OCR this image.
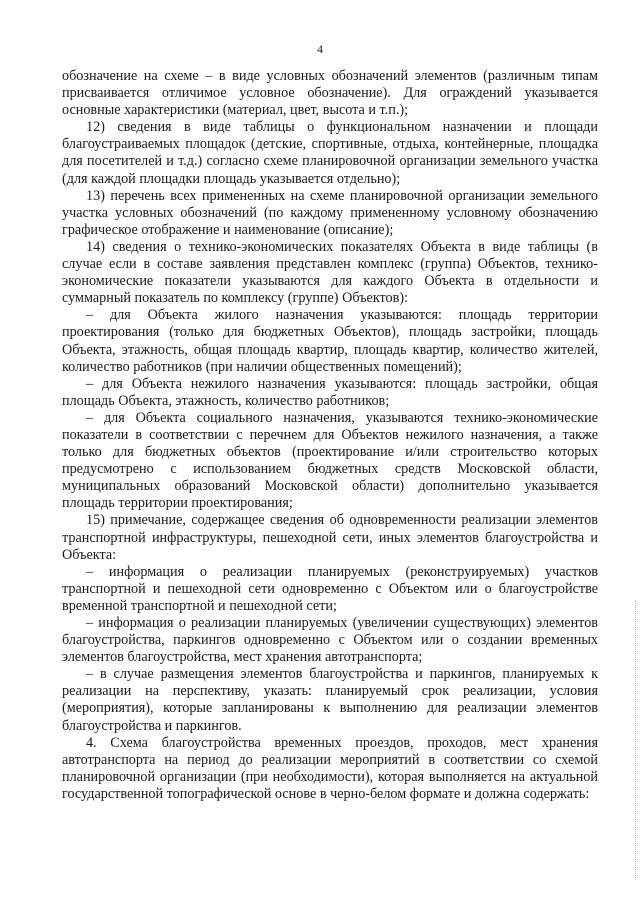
4

обозначение на схеме – в виде условных обозначений элементов (различным типам присваивается отличимое условное обозначение). Для ограждений указывается основные характеристики (материал, цвет, высота и т.п.);

12) сведения в виде таблицы о функциональном назначении и площади благоустраиваемых площадок (детские, спортивные, отдыха, контейнерные, площадка для посетителей и т.д.) согласно схеме планировочной организации земельного участка (для каждой площадки площадь указывается отдельно);

13) перечень всех примененных на схеме планировочной организации земельного участка условных обозначений (по каждому примененному условному обозначению графическое отображение и наименование (описание);

14) сведения о технико-экономических показателях Объекта в виде таблицы (в случае если в составе заявления представлен комплекс (группа) Объектов, технико-экономические показатели указываются для каждого Объекта в отдельности и суммарный показатель по комплексу (группе) Объектов):

– для Объекта жилого назначения указываются: площадь территории проектирования (только для бюджетных Объектов), площадь застройки, площадь Объекта, этажность, общая площадь квартир, площадь квартир, количество жителей, количество работников (при наличии общественных помещений);

– для Объекта нежилого назначения указываются: площадь застройки, общая площадь Объекта, этажность, количество работников;

– для Объекта социального назначения, указываются технико-экономические показатели в соответствии с перечнем для Объектов нежилого назначения, а также только для бюджетных объектов (проектирование и/или строительство которых предусмотрено с использованием бюджетных средств Московской области, муниципальных образований Московской области) дополнительно указывается площадь территории проектирования;

15) примечание, содержащее сведения об одновременности реализации элементов транспортной инфраструктуры, пешеходной сети, иных элементов благоустройства и Объекта:

– информация о реализации планируемых (реконструируемых) участков транспортной и пешеходной сети одновременно с Объектом или о благоустройстве временной транспортной и пешеходной сети;

– информация о реализации планируемых (увеличении существующих) элементов благоустройства, паркингов одновременно с Объектом или о создании временных элементов благоустройства, мест хранения автотранспорта;

– в случае размещения элементов благоустройства и паркингов, планируемых к реализации на перспективу, указать: планируемый срок реализации, условия (мероприятия), которые запланированы к выполнению для реализации элементов благоустройства и паркингов.

4. Схема благоустройства временных проездов, проходов, мест хранения автотранспорта на период до реализации мероприятий в соответствии со схемой планировочной организации (при необходимости), которая выполняется на актуальной государственной топографической основе в черно-белом формате и должна содержать:
